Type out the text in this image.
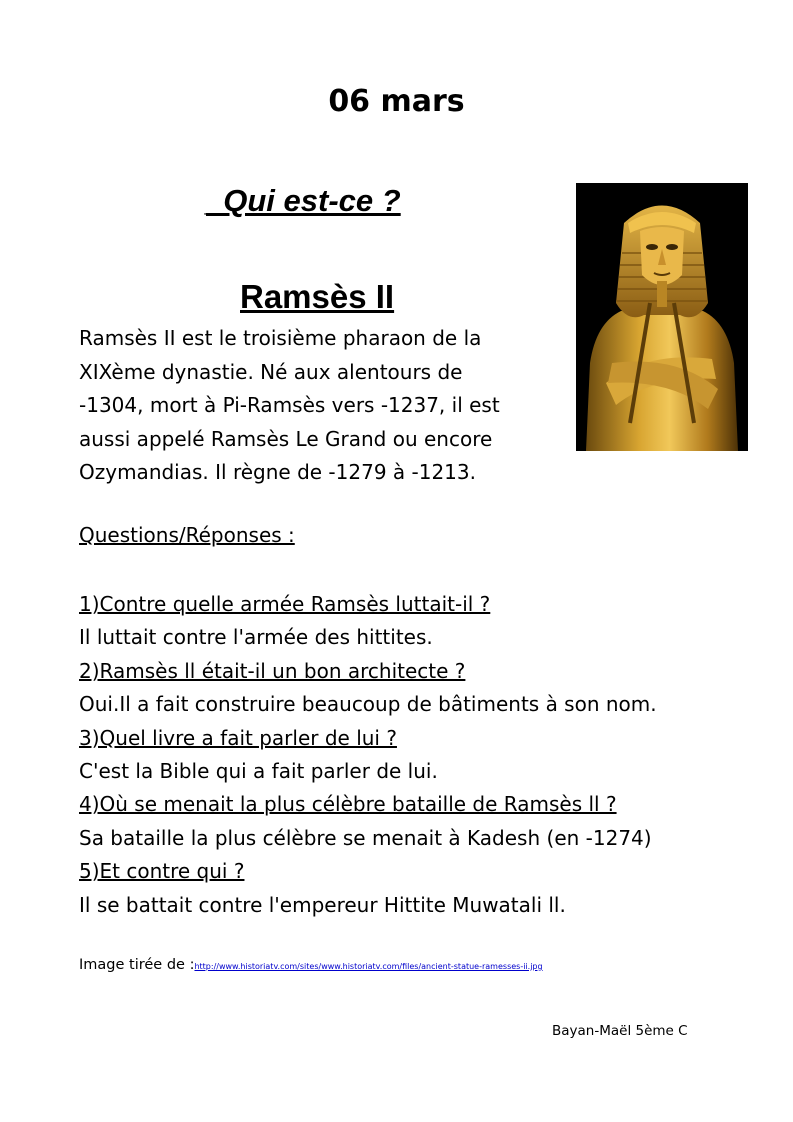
06 mars
_Qui est-ce ?
Ramsès II
Ramsès II est le troisième pharaon de la
XIXème dynastie. Né aux alentours de
-1304, mort à Pi-Ramsès vers -1237, il est
aussi appelé Ramsès Le Grand ou encore
Ozymandias. Il règne de -1279 à -1213.
Questions/Réponses :
1)Contre quelle armée Ramsès luttait-il ?
Il luttait contre l'armée des hittites.
2)Ramsès ll était-il un bon architecte ?
Oui.Il a fait construire beaucoup de bâtiments à son nom.
3)Quel livre a fait parler de lui ?
C'est la Bible qui a fait parler de lui.
4)Où se menait la plus célèbre bataille de Ramsès ll ?
Sa bataille la plus célèbre se menait à Kadesh (en -1274)
5)Et contre qui ?
Il se battait contre l'empereur Hittite Muwatali ll.
Image tirée de :http://www.historiatv.com/sites/www.historiatv.com/files/ancient-statue-ramesses-ii.jpg
Bayan-Maël 5ème C
